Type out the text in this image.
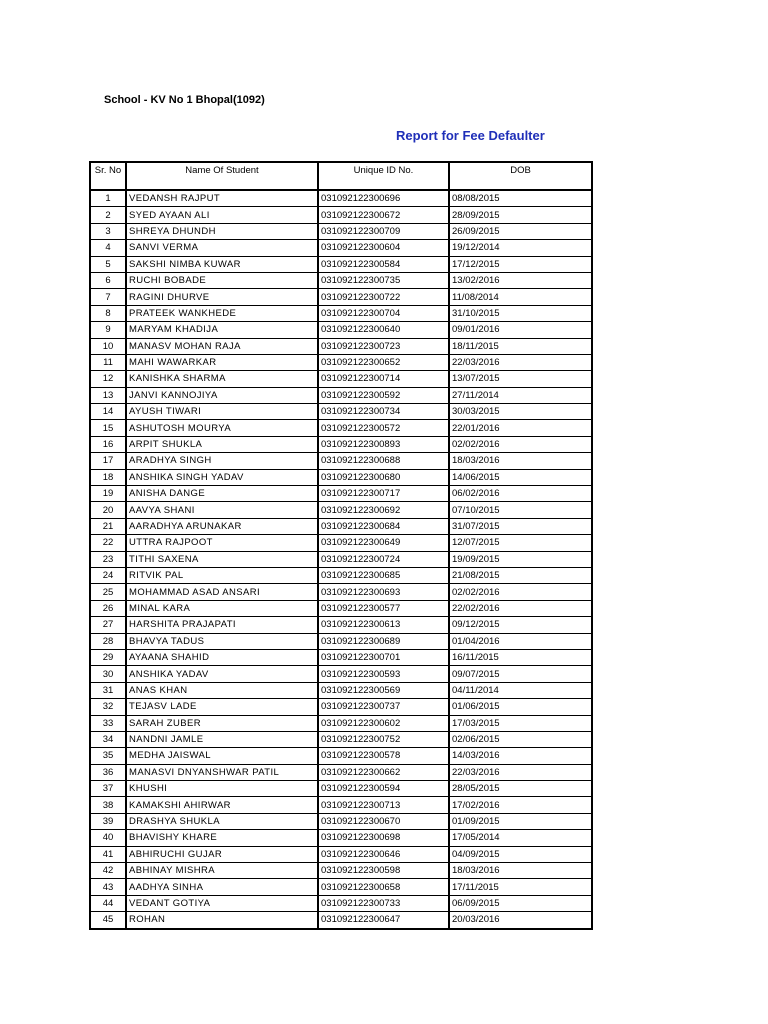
School - KV No 1 Bhopal(1092)
Report for Fee Defaulter
Sr. No	Name Of Student	Unique ID No.	DOB
1	VEDANSH RAJPUT	031092122300696	08/08/2015
2	SYED AYAAN ALI	031092122300672	28/09/2015
3	SHREYA DHUNDH	031092122300709	26/09/2015
4	SANVI VERMA	031092122300604	19/12/2014
5	SAKSHI NIMBA KUWAR	031092122300584	17/12/2015
6	RUCHI BOBADE	031092122300735	13/02/2016
7	RAGINI DHURVE	031092122300722	11/08/2014
8	PRATEEK WANKHEDE	031092122300704	31/10/2015
9	MARYAM KHADIJA	031092122300640	09/01/2016
10	MANASV MOHAN RAJA	031092122300723	18/11/2015
11	MAHI WAWARKAR	031092122300652	22/03/2016
12	KANISHKA SHARMA	031092122300714	13/07/2015
13	JANVI KANNOJIYA	031092122300592	27/11/2014
14	AYUSH TIWARI	031092122300734	30/03/2015
15	ASHUTOSH MOURYA	031092122300572	22/01/2016
16	ARPIT SHUKLA	031092122300893	02/02/2016
17	ARADHYA SINGH	031092122300688	18/03/2016
18	ANSHIKA SINGH YADAV	031092122300680	14/06/2015
19	ANISHA DANGE	031092122300717	06/02/2016
20	AAVYA SHANI	031092122300692	07/10/2015
21	AARADHYA ARUNAKAR	031092122300684	31/07/2015
22	UTTRA RAJPOOT	031092122300649	12/07/2015
23	TITHI SAXENA	031092122300724	19/09/2015
24	RITVIK PAL	031092122300685	21/08/2015
25	MOHAMMAD ASAD ANSARI	031092122300693	02/02/2016
26	MINAL KARA	031092122300577	22/02/2016
27	HARSHITA PRAJAPATI	031092122300613	09/12/2015
28	BHAVYA TADUS	031092122300689	01/04/2016
29	AYAANA SHAHID	031092122300701	16/11/2015
30	ANSHIKA YADAV	031092122300593	09/07/2015
31	ANAS KHAN	031092122300569	04/11/2014
32	TEJASV LADE	031092122300737	01/06/2015
33	SARAH ZUBER	031092122300602	17/03/2015
34	NANDNI JAMLE	031092122300752	02/06/2015
35	MEDHA JAISWAL	031092122300578	14/03/2016
36	MANASVI DNYANSHWAR PATIL	031092122300662	22/03/2016
37	KHUSHI	031092122300594	28/05/2015
38	KAMAKSHI AHIRWAR	031092122300713	17/02/2016
39	DRASHYA SHUKLA	031092122300670	01/09/2015
40	BHAVISHY KHARE	031092122300698	17/05/2014
41	ABHIRUCHI GUJAR	031092122300646	04/09/2015
42	ABHINAY MISHRA	031092122300598	18/03/2016
43	AADHYA SINHA	031092122300658	17/11/2015
44	VEDANT GOTIYA	031092122300733	06/09/2015
45	ROHAN	031092122300647	20/03/2016
